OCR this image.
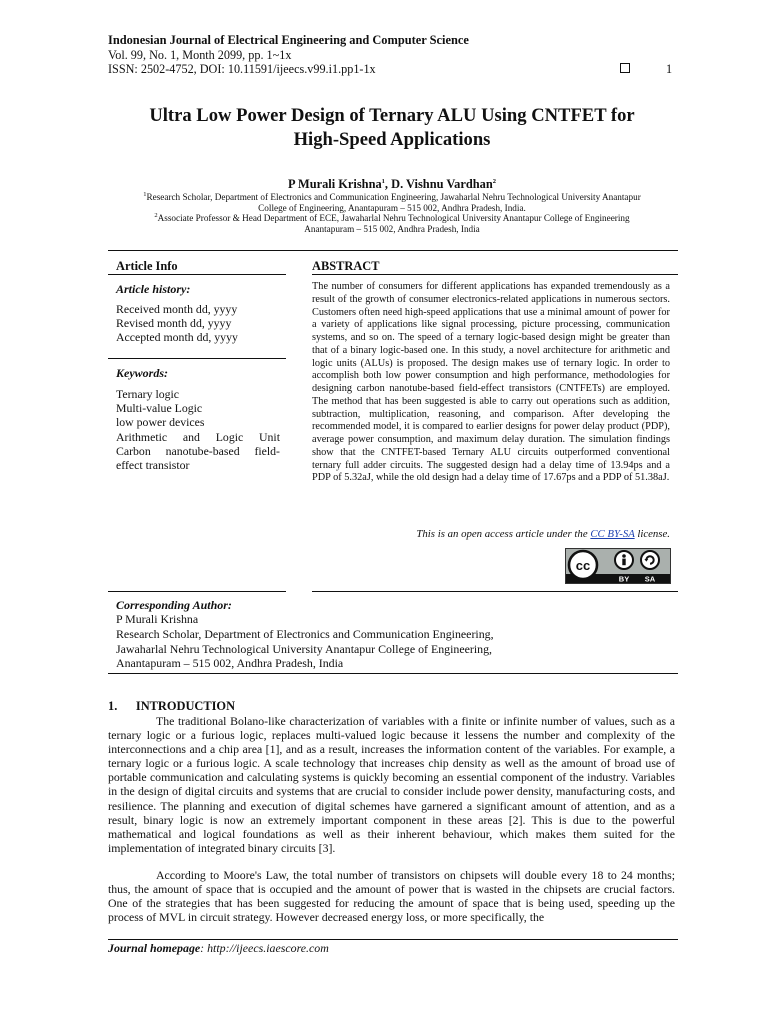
Indonesian Journal of Electrical Engineering and Computer Science
Vol. 99, No. 1, Month 2099, pp. 1~1x
ISSN: 2502-4752, DOI: 10.11591/ijeecs.v99.i1.pp1-1x	1
Ultra Low Power Design of Ternary ALU Using CNTFET for
High-Speed Applications
P Murali Krishna$^1$, D. Vishnu Vardhan$^2$
$^1$Research Scholar, Department of Electronics and Communication Engineering, Jawaharlal Nehru Technological University Anantapur
College of Engineering, Anantapuram – 515 002, Andhra Pradesh, India.
$^2$Associate Professor & Head Department of ECE, Jawaharlal Nehru Technological University Anantapur College of Engineering
Anantapuram – 515 002, Andhra Pradesh, India
Article Info	ABSTRACT
Article history:
Received month dd, yyyy
Revised month dd, yyyy
Accepted month dd, yyyy
Keywords:
Ternary logic
Multi-value Logic
low power devices
Arithmetic and Logic Unit
Carbon nanotube-based field-effect transistor
The number of consumers for different applications has expanded tremendously as a result of the growth of consumer electronics-related applications in numerous sectors. Customers often need high-speed applications that use a minimal amount of power for a variety of applications like signal processing, picture processing, communication systems, and so on. The speed of a ternary logic-based design might be greater than that of a binary logic-based one. In this study, a novel architecture for arithmetic and logic units (ALUs) is proposed. The design makes use of ternary logic. In order to accomplish both low power consumption and high performance, methodologies for designing carbon nanotube-based field-effect transistors (CNTFETs) are employed. The method that has been suggested is able to carry out operations such as addition, subtraction, multiplication, reasoning, and comparison. After developing the recommended model, it is compared to earlier designs for power delay product (PDP), average power consumption, and maximum delay duration. The simulation findings show that the CNTFET-based Ternary ALU circuits outperformed conventional ternary full adder circuits. The suggested design had a delay time of 13.94ps and a PDP of 5.32aJ, while the old design had a delay time of 17.67ps and a PDP of 51.38aJ.
This is an open access article under the CC BY-SA license.
cc
BY SA
Corresponding Author:
P Murali Krishna
Research Scholar, Department of Electronics and Communication Engineering,
Jawaharlal Nehru Technological University Anantapur College of Engineering,
Anantapuram – 515 002, Andhra Pradesh, India
1.      INTRODUCTION

The traditional Bolano-like characterization of variables with a finite or infinite number of values, such as a ternary logic or a furious logic, replaces multi-valued logic because it lessens the number and complexity of the interconnections and a chip area [1], and as a result, increases the information content of the variables. For example, a ternary logic or a furious logic. A scale technology that increases chip density as well as the amount of broad use of portable communication and calculating systems is quickly becoming an essential component of the industry. Variables in the design of digital circuits and systems that are crucial to consider include power density, manufacturing costs, and resilience. The planning and execution of digital schemes have garnered a significant amount of attention, and as a result, binary logic is now an extremely important component in these areas [2]. This is due to the powerful mathematical and logical foundations as well as their inherent behaviour, which makes them suited for the implementation of integrated binary circuits [3].

According to Moore's Law, the total number of transistors on chipsets will double every 18 to 24 months; thus, the amount of space that is occupied and the amount of power that is wasted in the chipsets are crucial factors. One of the strategies that has been suggested for reducing the amount of space that is being used, speeding up the process of MVL in circuit strategy. However decreased energy loss, or more specifically, the

Journal homepage: http://ijeecs.iaescore.com
